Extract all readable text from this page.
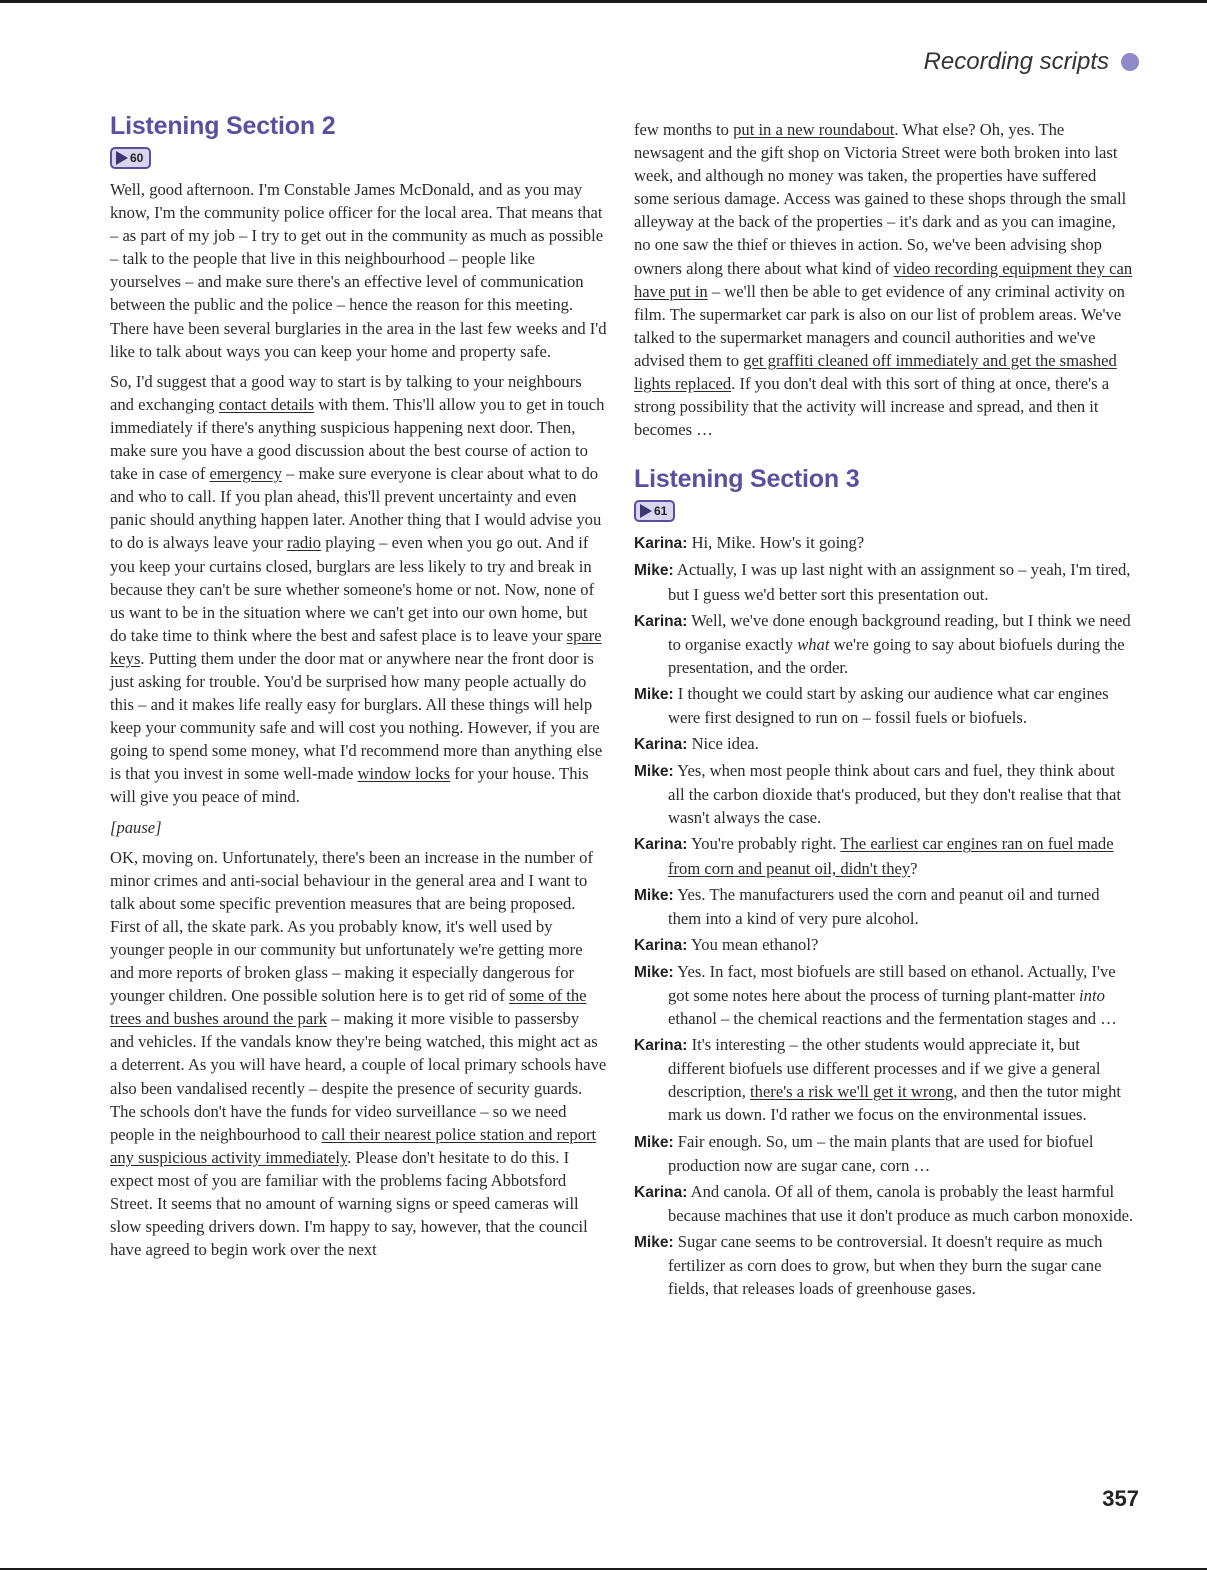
Recording scripts
Listening Section 2
60

Well, good afternoon. I'm Constable James McDonald, and as you may know, I'm the community police officer for the local area. That means that – as part of my job – I try to get out in the community as much as possible – talk to the people that live in this neighbourhood – people like yourselves – and make sure there's an effective level of communication between the public and the police – hence the reason for this meeting. There have been several burglaries in the area in the last few weeks and I'd like to talk about ways you can keep your home and property safe.

So, I'd suggest that a good way to start is by talking to your neighbours and exchanging contact details with them. This'll allow you to get in touch immediately if there's anything suspicious happening next door. Then, make sure you have a good discussion about the best course of action to take in case of emergency – make sure everyone is clear about what to do and who to call. If you plan ahead, this'll prevent uncertainty and even panic should anything happen later. Another thing that I would advise you to do is always leave your radio playing – even when you go out. And if you keep your curtains closed, burglars are less likely to try and break in because they can't be sure whether someone's home or not. Now, none of us want to be in the situation where we can't get into our own home, but do take time to think where the best and safest place is to leave your spare keys. Putting them under the door mat or anywhere near the front door is just asking for trouble. You'd be surprised how many people actually do this – and it makes life really easy for burglars. All these things will help keep your community safe and will cost you nothing. However, if you are going to spend some money, what I'd recommend more than anything else is that you invest in some well-made window locks for your house. This will give you peace of mind.

[pause]

OK, moving on. Unfortunately, there's been an increase in the number of minor crimes and anti-social behaviour in the general area and I want to talk about some specific prevention measures that are being proposed. First of all, the skate park. As you probably know, it's well used by younger people in our community but unfortunately we're getting more and more reports of broken glass – making it especially dangerous for younger children. One possible solution here is to get rid of some of the trees and bushes around the park – making it more visible to passersby and vehicles. If the vandals know they're being watched, this might act as a deterrent. As you will have heard, a couple of local primary schools have also been vandalised recently – despite the presence of security guards. The schools don't have the funds for video surveillance – so we need people in the neighbourhood to call their nearest police station and report any suspicious activity immediately. Please don't hesitate to do this. I expect most of you are familiar with the problems facing Abbotsford Street. It seems that no amount of warning signs or speed cameras will slow speeding drivers down. I'm happy to say, however, that the council have agreed to begin work over the next

few months to put in a new roundabout. What else? Oh, yes. The newsagent and the gift shop on Victoria Street were both broken into last week, and although no money was taken, the properties have suffered some serious damage. Access was gained to these shops through the small alleyway at the back of the properties – it's dark and as you can imagine, no one saw the thief or thieves in action. So, we've been advising shop owners along there about what kind of video recording equipment they can have put in – we'll then be able to get evidence of any criminal activity on film. The supermarket car park is also on our list of problem areas. We've talked to the supermarket managers and council authorities and we've advised them to get graffiti cleaned off immediately and get the smashed lights replaced. If you don't deal with this sort of thing at once, there's a strong possibility that the activity will increase and spread, and then it becomes …

Listening Section 3
61
Karina: Hi, Mike. How's it going?
Mike: Actually, I was up last night with an assignment so – yeah, I'm tired, but I guess we'd better sort this presentation out.
Karina: Well, we've done enough background reading, but I think we need to organise exactly what we're going to say about biofuels during the presentation, and the order.
Mike: I thought we could start by asking our audience what car engines were first designed to run on – fossil fuels or biofuels.
Karina: Nice idea.
Mike: Yes, when most people think about cars and fuel, they think about all the carbon dioxide that's produced, but they don't realise that that wasn't always the case.
Karina: You're probably right. The earliest car engines ran on fuel made from corn and peanut oil, didn't they?
Mike: Yes. The manufacturers used the corn and peanut oil and turned them into a kind of very pure alcohol.
Karina: You mean ethanol?
Mike: Yes. In fact, most biofuels are still based on ethanol. Actually, I've got some notes here about the process of turning plant-matter into ethanol – the chemical reactions and the fermentation stages and …
Karina: It's interesting – the other students would appreciate it, but different biofuels use different processes and if we give a general description, there's a risk we'll get it wrong, and then the tutor might mark us down. I'd rather we focus on the environmental issues.
Mike: Fair enough. So, um – the main plants that are used for biofuel production now are sugar cane, corn …
Karina: And canola. Of all of them, canola is probably the least harmful because machines that use it don't produce as much carbon monoxide.
Mike: Sugar cane seems to be controversial. It doesn't require as much fertilizer as corn does to grow, but when they burn the sugar cane fields, that releases loads of greenhouse gases.
357
